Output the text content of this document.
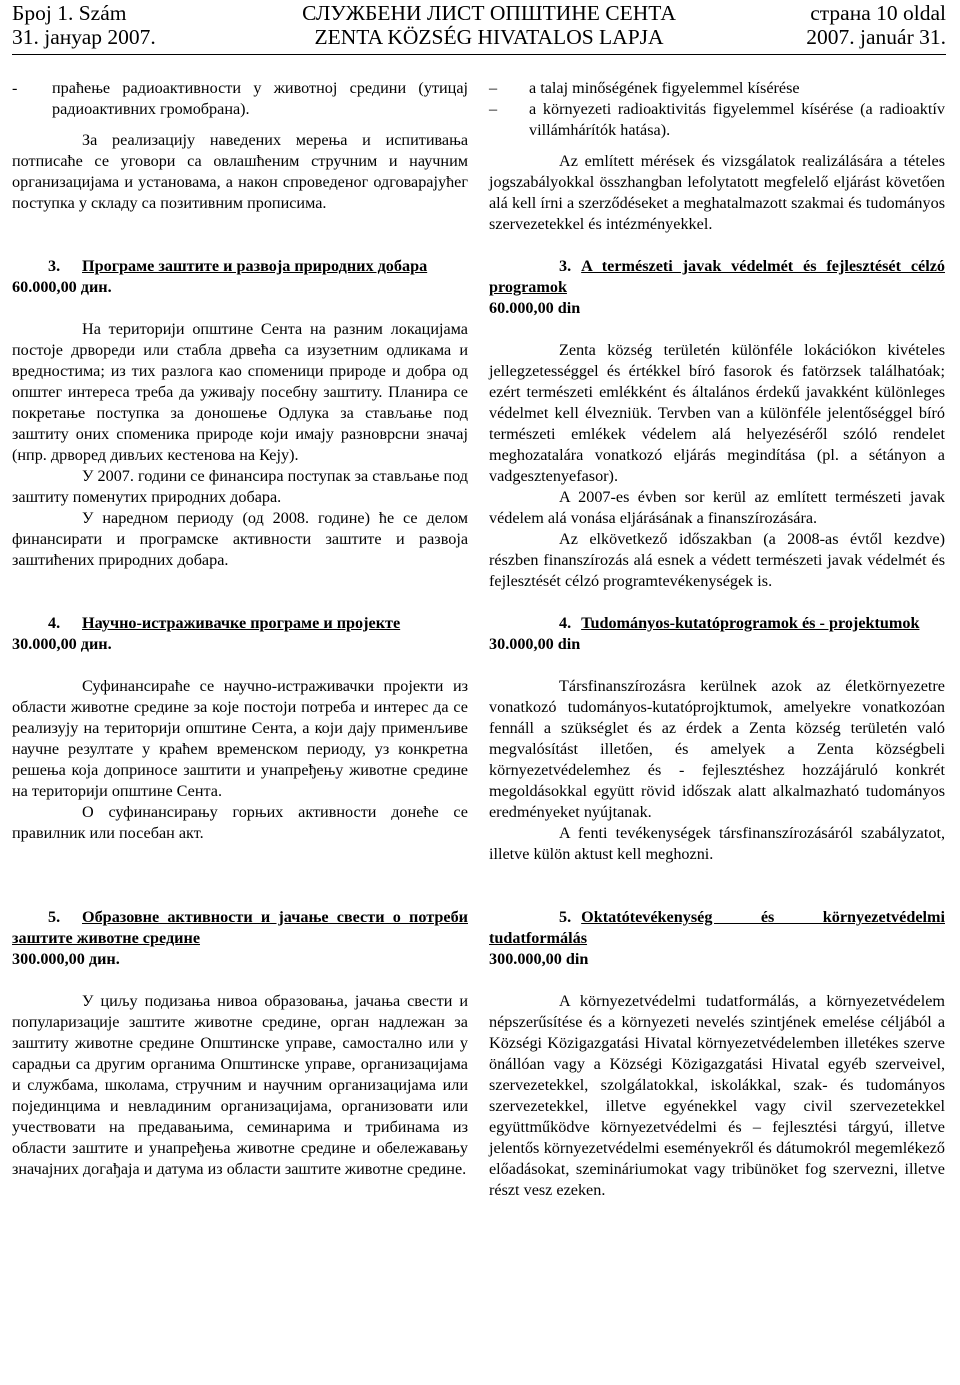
Број 1. Szám	СЛУЖБЕНИ ЛИСТ ОПШТИНЕ СЕНТА	страна 10 oldal
31. јануар 2007.	ZENTA KÖZSÉG HIVATALOS LAPJA	2007. január 31.

- праћење радиоактивности у животној средини (утицај радиоактивних громобрана).

За реализацију наведених мерења и испитивања потписаће се уговори са овлашћеним стручним и научним организацијама и установама, а након спроведеног одговарајућег поступка у складу са позитивним прописима.

3. Програме заштите и развоја природних добара

60.000,00 дин.

На територији општине Сента на разним локацијама постоје дрвореди или стабла дрвећа са изузетним одликама и вредностима; из тих разлога као споменици природе и добра од општег интереса треба да уживају посебну заштиту. Планира се покретање поступка за доношење Одлука за стављање под заштиту оних споменика природе који имају разноврсни значај (нпр. дрворед дивљих кестенова на Кеју).

У 2007. години се финансира поступак за стављање под заштиту поменутих природних добара.

У наредном периоду (од 2008. године) ће се делом финансирати и програмске активности заштите и развоја заштићених природних добара.

4. Научно-истраживачке програме и пројекте

30.000,00 дин.

Суфинансираће се научно-истраживачки пројекти из области животне средине за које постоји потреба и интерес да се реализују на територији општине Сента, а који дају применљиве научне резултате у краћем временском периоду, уз конкретна решења која доприносе заштити и унапређењу животне средине на територији општине Сента.

О суфинансирању горњих активности донеће се правилник или посебан акт.

5. Образовне активности и јачање свести о потреби заштите животне средине

300.000,00 дин.

У циљу подизања нивоа образовања, јачања свести и популаризације заштите животне средине, орган надлежан за заштиту животне средине Општинске управе, самостално или у сарадњи са другим органима Општинске управе, организацијама и службама, школама, стручним и научним организацијама или појединцима и невладиним организацијама, организовати или учествовати на предавањима, семинарима и трибинама из области заштите и унапређења животне средине и обележавању значајних догађаја и датума из области заштите животне средине.

– a talaj minőségének figyelemmel kísérése

– a környezeti radioaktivitás figyelemmel kísérése (a radioaktív villámhárítók hatása).

Az említett mérések és vizsgálatok realizálására a tételes jogszabályokkal összhangban lefolytatott megfelelő eljárást követően alá kell írni a szerződéseket a meghatalmazott szakmai és tudományos szervezetekkel és intézményekkel.

3. A természeti javak védelmét és fejlesztését célzó programok

60.000,00 din

Zenta község területén különféle lokációkon kivételes jellegzetességgel és értékkel bíró fasorok és fatörzsek találhatóak; ezért természeti emlékként és általános érdekű javakként különleges védelmet kell élvezniük. Tervben van a különféle jelentőséggel bíró természeti emlékek védelem alá helyezéséről szóló rendelet meghozatalára vonatkozó eljárás megindítása (pl. a sétányon a vadgesztenyefasor).

A 2007-es évben sor kerül az említett természeti javak védelem alá vonása eljárásának a finanszírozására.

Az elkövetkező időszakban (a 2008-as évtől kezdve) részben finanszírozás alá esnek a védett természeti javak védelmét és fejlesztését célzó programtevékenységek is.

4. Tudományos-kutatóprogramok és - projektumok

30.000,00 din

Társfinanszírozásra kerülnek azok az életkörnyezetre vonatkozó tudományos-kutatóprojktumok, amelyekre vonatkozóan fennáll a szükséglet és az érdek a Zenta község területén való megvalósítást illetően, és amelyek a Zenta községbeli környezetvédelemhez és - fejlesztéshez hozzájáruló konkrét megoldásokkal együtt rövid időszak alatt alkalmazható tudományos eredményeket nyújtanak.

A fenti tevékenységek társfinanszírozásáról szabályzatot, illetve külön aktust kell meghozni.

5. Oktatótevékenység és környezetvédelmi tudatformálás

300.000,00 din

A környezetvédelmi tudatformálás, a környezetvédelem népszerűsítése és a környezeti nevelés szintjének emelése céljából a Községi Közigazgatási Hivatal környezetvédelemben illetékes szerve önállóan vagy a Községi Közigazgatási Hivatal egyéb szerveivel, szervezetekkel, szolgálatokkal, iskolákkal, szak- és tudományos szervezetekkel, illetve egyénekkel vagy civil szervezetekkel együttműködve környezetvédelmi és – fejlesztési tárgyú, illetve jelentős környezetvédelmi eseményekről és dátumokról megemlékező előadásokat, szemináriumokat vagy tribünöket fog szervezni, illetve részt vesz ezeken.
